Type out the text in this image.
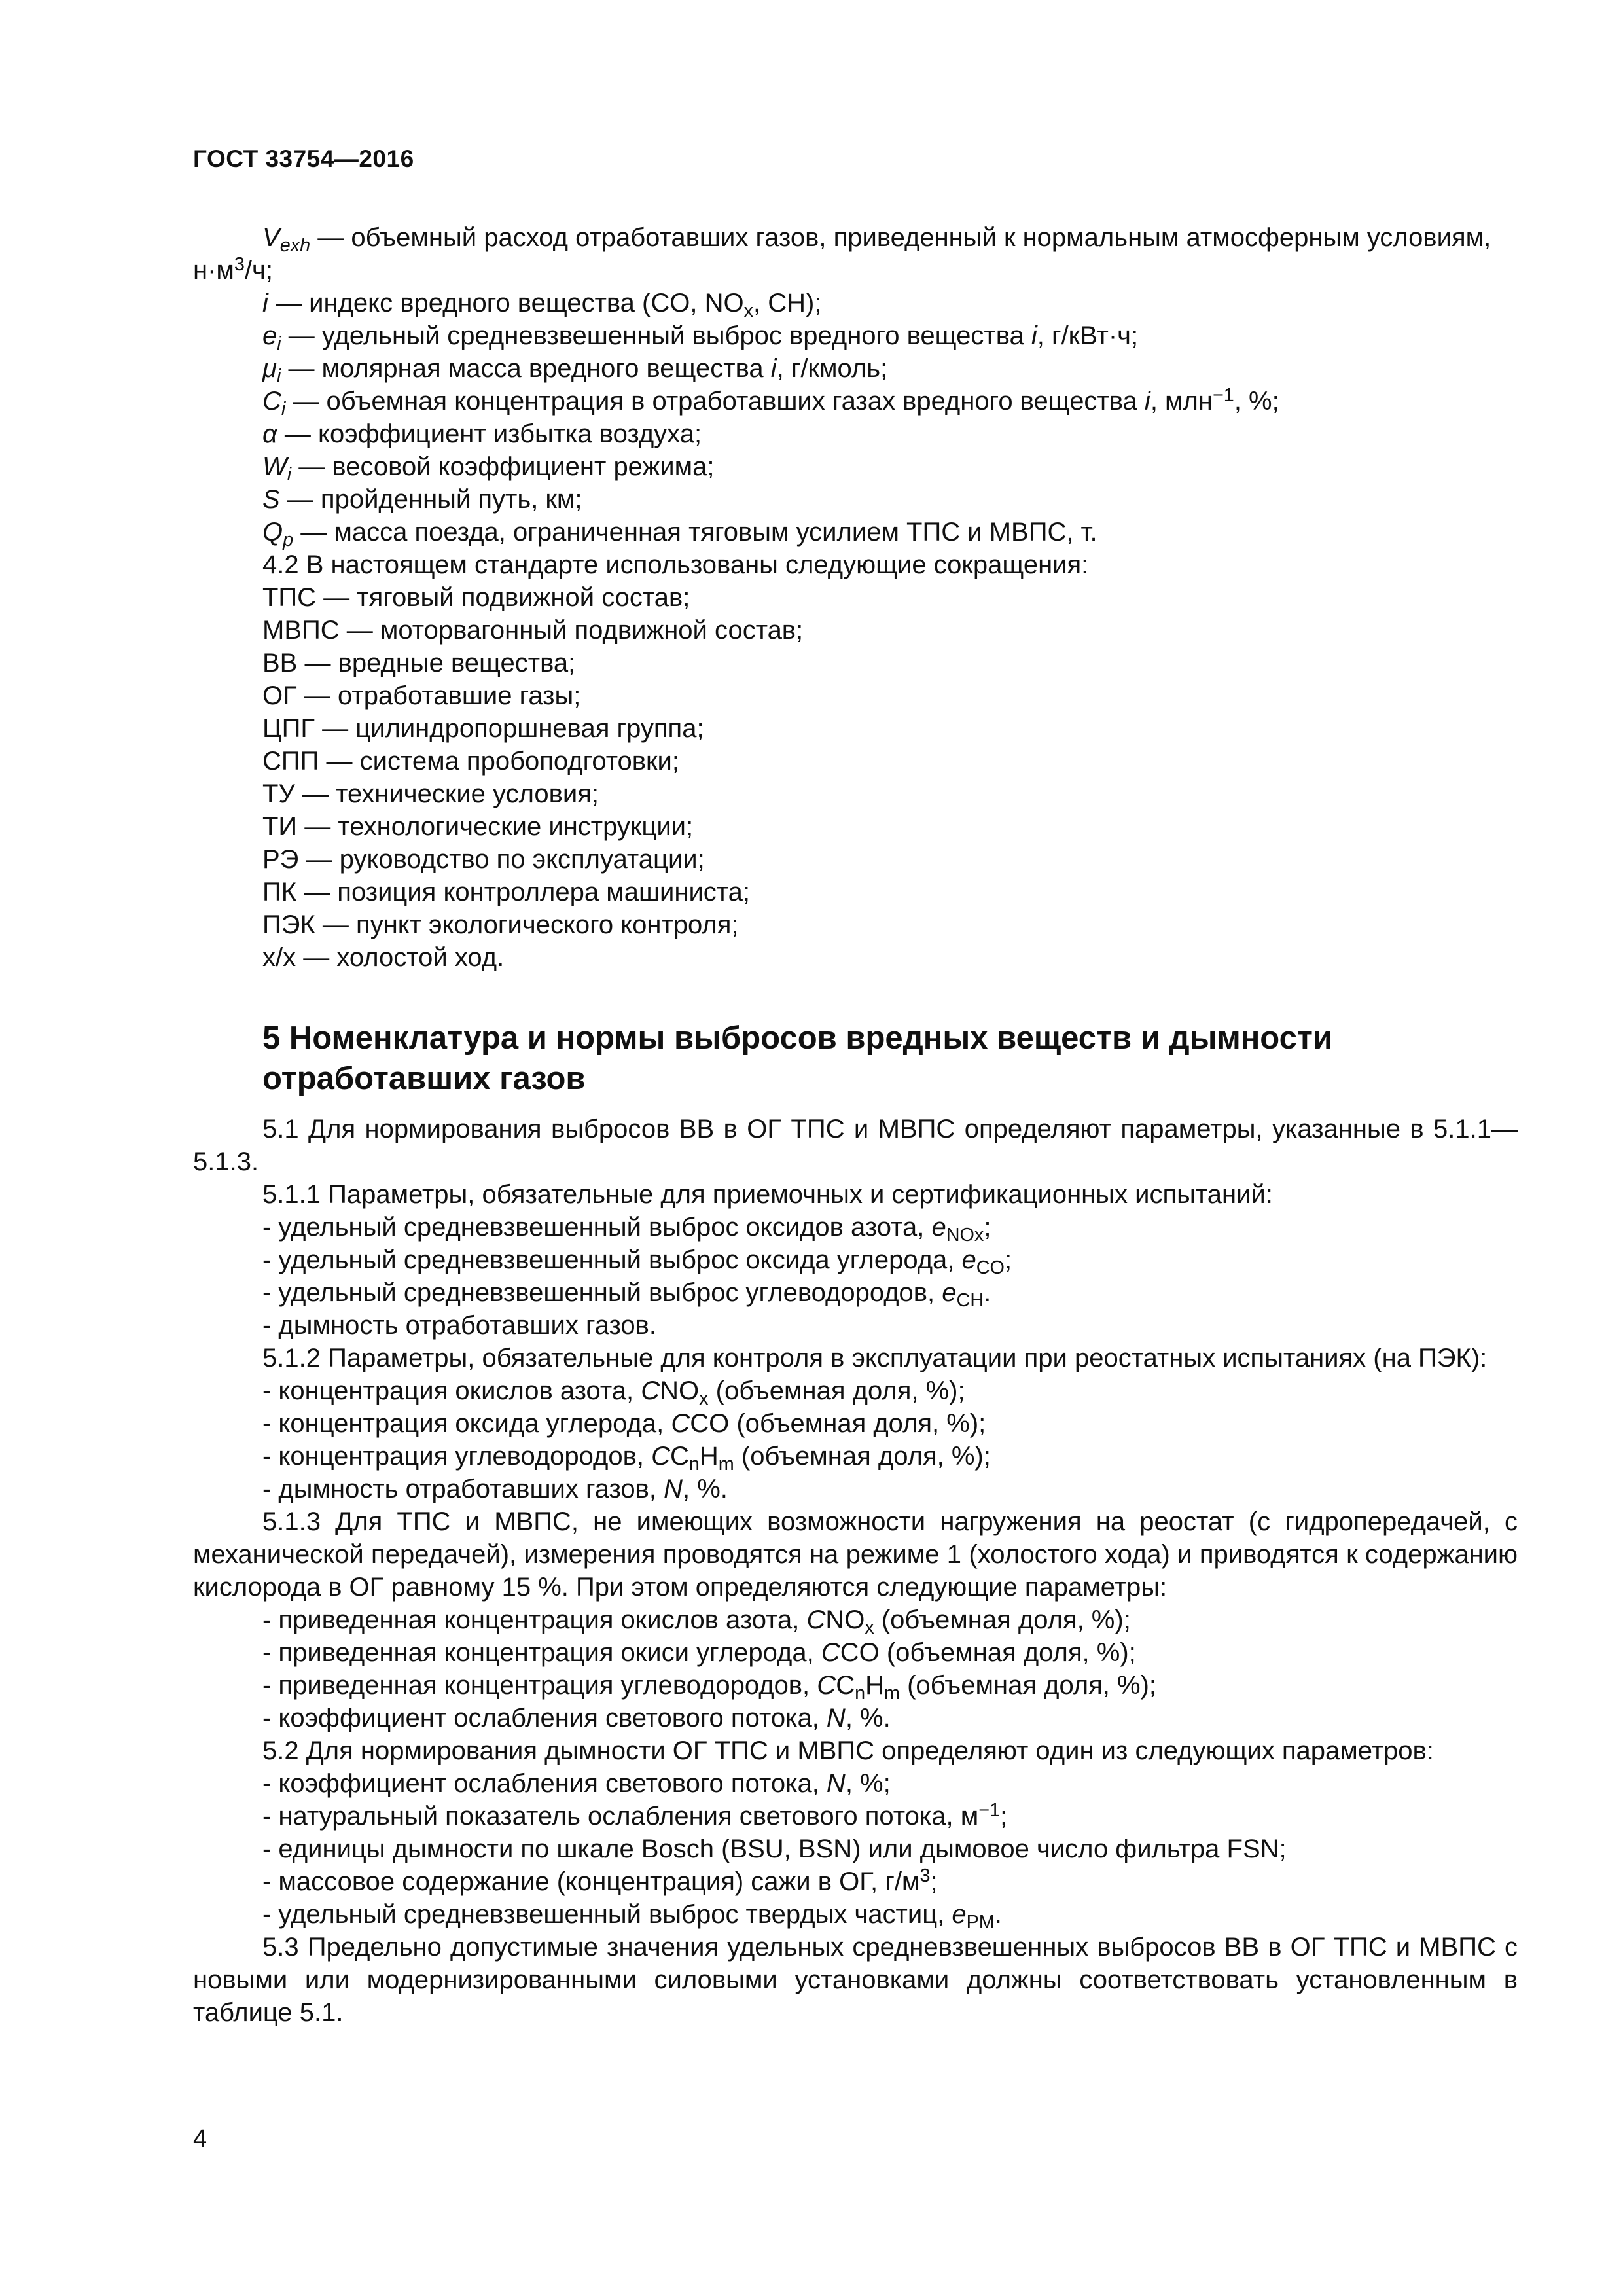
ГОСТ 33754—2016

$V_{exh}$ — объемный расход отработавших газов, приведенный к нормальным атмосферным условиям,

$н\cdot м^3/ч$;

i — индекс вредного вещества (CO, $NO_x$, CH);

$e_i$ — удельный средневзвешенный выброс вредного вещества i, г/кВт·ч;

$\mu_i$ — молярная масса вредного вещества i, г/кмоль;

$C_i$ — объемная концентрация в отработавших газах вредного вещества i, млн$^{-1}$, %;

α — коэффициент избытка воздуха;

$W_i$ — весовой коэффициент режима;

S — пройденный путь, км;

$Q_p$ — масса поезда, ограниченная тяговым усилием ТПС и МВПС, т.

4.2 В настоящем стандарте использованы следующие сокращения:

ТПС — тяговый подвижной состав;

МВПС — моторвагонный подвижной состав;

ВВ — вредные вещества;

ОГ — отработавшие газы;

ЦПГ — цилиндропоршневая группа;

СПП — система пробоподготовки;

ТУ — технические условия;

ТИ — технологические инструкции;

РЭ — руководство по эксплуатации;

ПК — позиция контроллера машиниста;

ПЭК — пункт экологического контроля;

х/х — холостой ход.

5 Номенклатура и нормы выбросов вредных веществ и дымности отработавших газов

5.1 Для нормирования выбросов ВВ в ОГ ТПС и МВПС определяют параметры, указанные в 5.1.1—5.1.3.

5.1.1 Параметры, обязательные для приемочных и сертификационных испытаний:

- удельный средневзвешенный выброс оксидов азота, $e_{NOx}$;

- удельный средневзвешенный выброс оксида углерода, $e_{CO}$;

- удельный средневзвешенный выброс углеводородов, $e_{CH}$.

- дымность отработавших газов.

5.1.2 Параметры, обязательные для контроля в эксплуатации при реостатных испытаниях (на ПЭК):

- концентрация окислов азота, $CNO_x$ (объемная доля, %);

- концентрация оксида углерода, CCO (объемная доля, %);

- концентрация углеводородов, $CC_nH_m$ (объемная доля, %);

- дымность отработавших газов, N, %.

5.1.3 Для ТПС и МВПС, не имеющих возможности нагружения на реостат (с гидропередачей, с механической передачей), измерения проводятся на режиме 1 (холостого хода) и приводятся к содержанию кислорода в ОГ равному 15 %. При этом определяются следующие параметры:

- приведенная концентрация окислов азота, $CNO_x$ (объемная доля, %);

- приведенная концентрация окиси углерода, CCO (объемная доля, %);

- приведенная концентрация углеводородов, $CC_nH_m$ (объемная доля, %);

- коэффициент ослабления светового потока, N, %.

5.2 Для нормирования дымности ОГ ТПС и МВПС определяют один из следующих параметров:

- коэффициент ослабления светового потока, N, %;

- натуральный показатель ослабления светового потока, $м^{-1}$;

- единицы дымности по шкале Bosch (BSU, BSN) или дымовое число фильтра FSN;

- массовое содержание (концентрация) сажи в ОГ, $г/м^3$;

- удельный средневзвешенный выброс твердых частиц, $e_{PM}$.

5.3 Предельно допустимые значения удельных средневзвешенных выбросов ВВ в ОГ ТПС и МВПС с новыми или модернизированными силовыми установками должны соответствовать установленным в таблице 5.1.

4
